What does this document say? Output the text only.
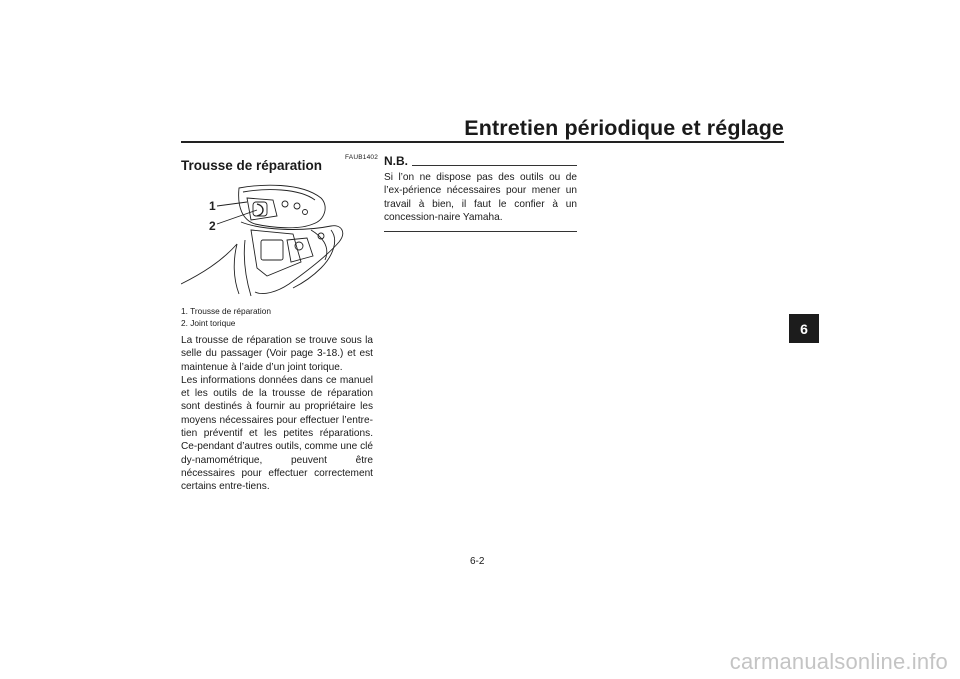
Entretien périodique et réglage
6
FAUB1402
Trousse de réparation
1
2
1. Trousse de réparation
2. Joint torique

La trousse de réparation se trouve sous la selle du passager (Voir page 3-18.) et est maintenue à l’aide d’un joint torique.

Les informations données dans ce manuel et les outils de la trousse de réparation sont destinés à fournir au propriétaire les moyens nécessaires pour effectuer l’entre-tien préventif et les petites réparations. Ce-pendant d’autres outils, comme une clé dy-namométrique, peuvent être nécessaires pour effectuer correctement certains entre-tiens.

N.B.
Si l’on ne dispose pas des outils ou de l’ex-périence nécessaires pour mener un travail à bien, il faut le confier à un concession-naire Yamaha.
6-2
carmanualsonline.info
